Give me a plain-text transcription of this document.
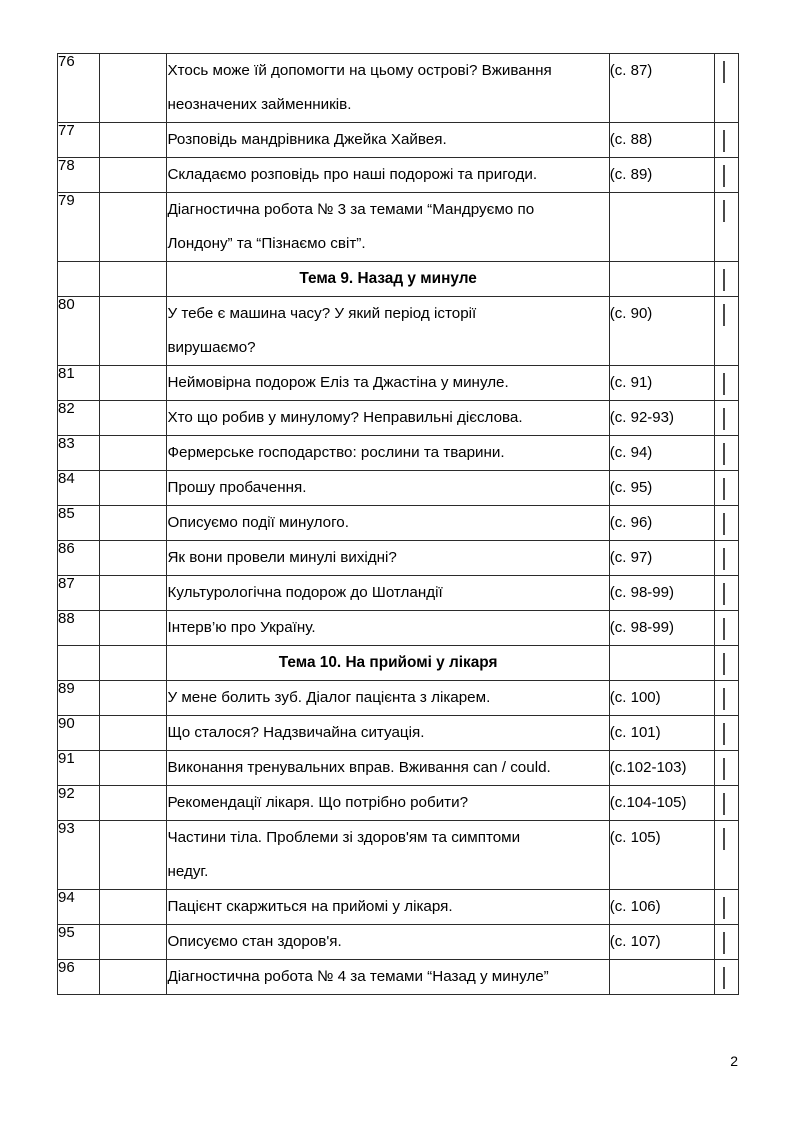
76		Хтось може їй допомогти на цьому острові? Вживання
неозначених займенників.	(с. 87)	

77		Розповідь мандрівника Джейка Хайвея.	(с. 88)	

78		Складаємо розповідь про наші подорожі та пригоди.	(с. 89)	

79		Діагностична робота № 3 за темами “Мандруємо по
Лондону” та “Пізнаємо світ”.		

		Тема 9. Назад у минуле		

80		У тебе є машина часу? У який період історії
вирушаємо?	(с. 90)	

81		Неймовірна подорож Еліз та Джастіна у минуле.	(с. 91)	

82		Хто що робив у минулому? Неправильні дієслова.	(с. 92-93)	

83		Фермерське господарство: рослини та тварини.	(с. 94)	

84		Прошу пробачення.	(с. 95)	

85		Описуємо події минулого.	(с. 96)	

86		Як вони провели минулі вихідні?	(с. 97)	

87		Культурологічна подорож до Шотландії	(с. 98-99)	

88		Інтерв’ю про Україну.	(с. 98-99)	

		Тема 10. На прийомі у лікаря		

89		У мене болить зуб. Діалог пацієнта з лікарем.	(с. 100)	

90		Що сталося? Надзвичайна ситуація.	(с. 101)	

91		Виконання тренувальних вправ. Вживання can / could.	(с.102-103)	

92		Рекомендації лікаря. Що потрібно робити?	(с.104-105)	

93		Частини тіла. Проблеми зі здоров'ям та симптоми
недуг.	(с. 105)	

94		Пацієнт скаржиться на прийомі у лікаря.	(с. 106)	

95		Описуємо стан здоров'я.	(с. 107)	

96		Діагностична робота № 4 за темами “Назад у минуле”		
2
